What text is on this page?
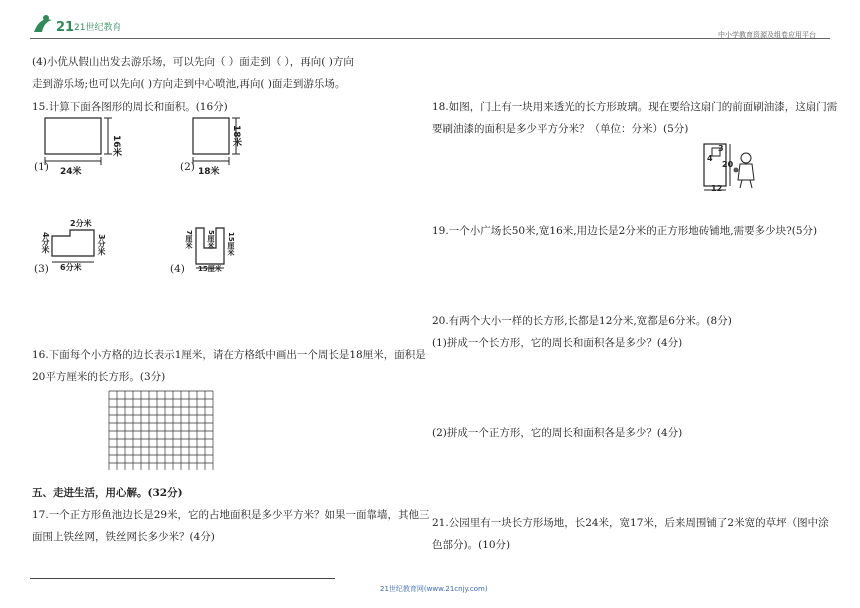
21 21世纪教育
中小学教育资源及组卷应用平台
(4)小优从假山出发去游乐场，可以先向（ ）面走到（ ），再向( )方向
走到游乐场;也可以先向( )方向走到中心喷池,再向( )面走到游乐场。
15.计算下面各图形的周长和面积。(16分)
(1) 24米
16米
(2) 18米
18米
(3)
2分米
4分米	3分米
6分米	(4)
7厘米 5厘米 15厘米
15厘米
16.下面每个小方格的边长表示1厘米，请在方格纸中画出一个周长是18厘米，面积是
20平方厘米的长方形。(3分)
五、走进生活，用心解。(32分)
17.一个正方形鱼池边长是29米，它的占地面积是多少平方米？如果一面靠墙，其他三
面围上铁丝网，铁丝网长多少米？(4分)
18.如图，门上有一块用来透光的长方形玻璃。现在要给这扇门的前面刷油漆，这扇门需
要刷油漆的面积是多少平方分米？（单位：分米）(5分)
3
4
20
12
19.一个小广场长50米,宽16米,用边长是2分米的正方形地砖铺地,需要多少块?(5分)
20.有两个大小一样的长方形,长都是12分米,宽都是6分米。(8分)
(1)拼成一个长方形，它的周长和面积各是多少？(4分)
(2)拼成一个正方形，它的周长和面积各是多少？(4分)
21.公园里有一块长方形场地，长24米，宽17米，后来周围铺了2米宽的草坪（图中涂
色部分)。(10分)
21世纪教育网(www.21cnjy.com)
